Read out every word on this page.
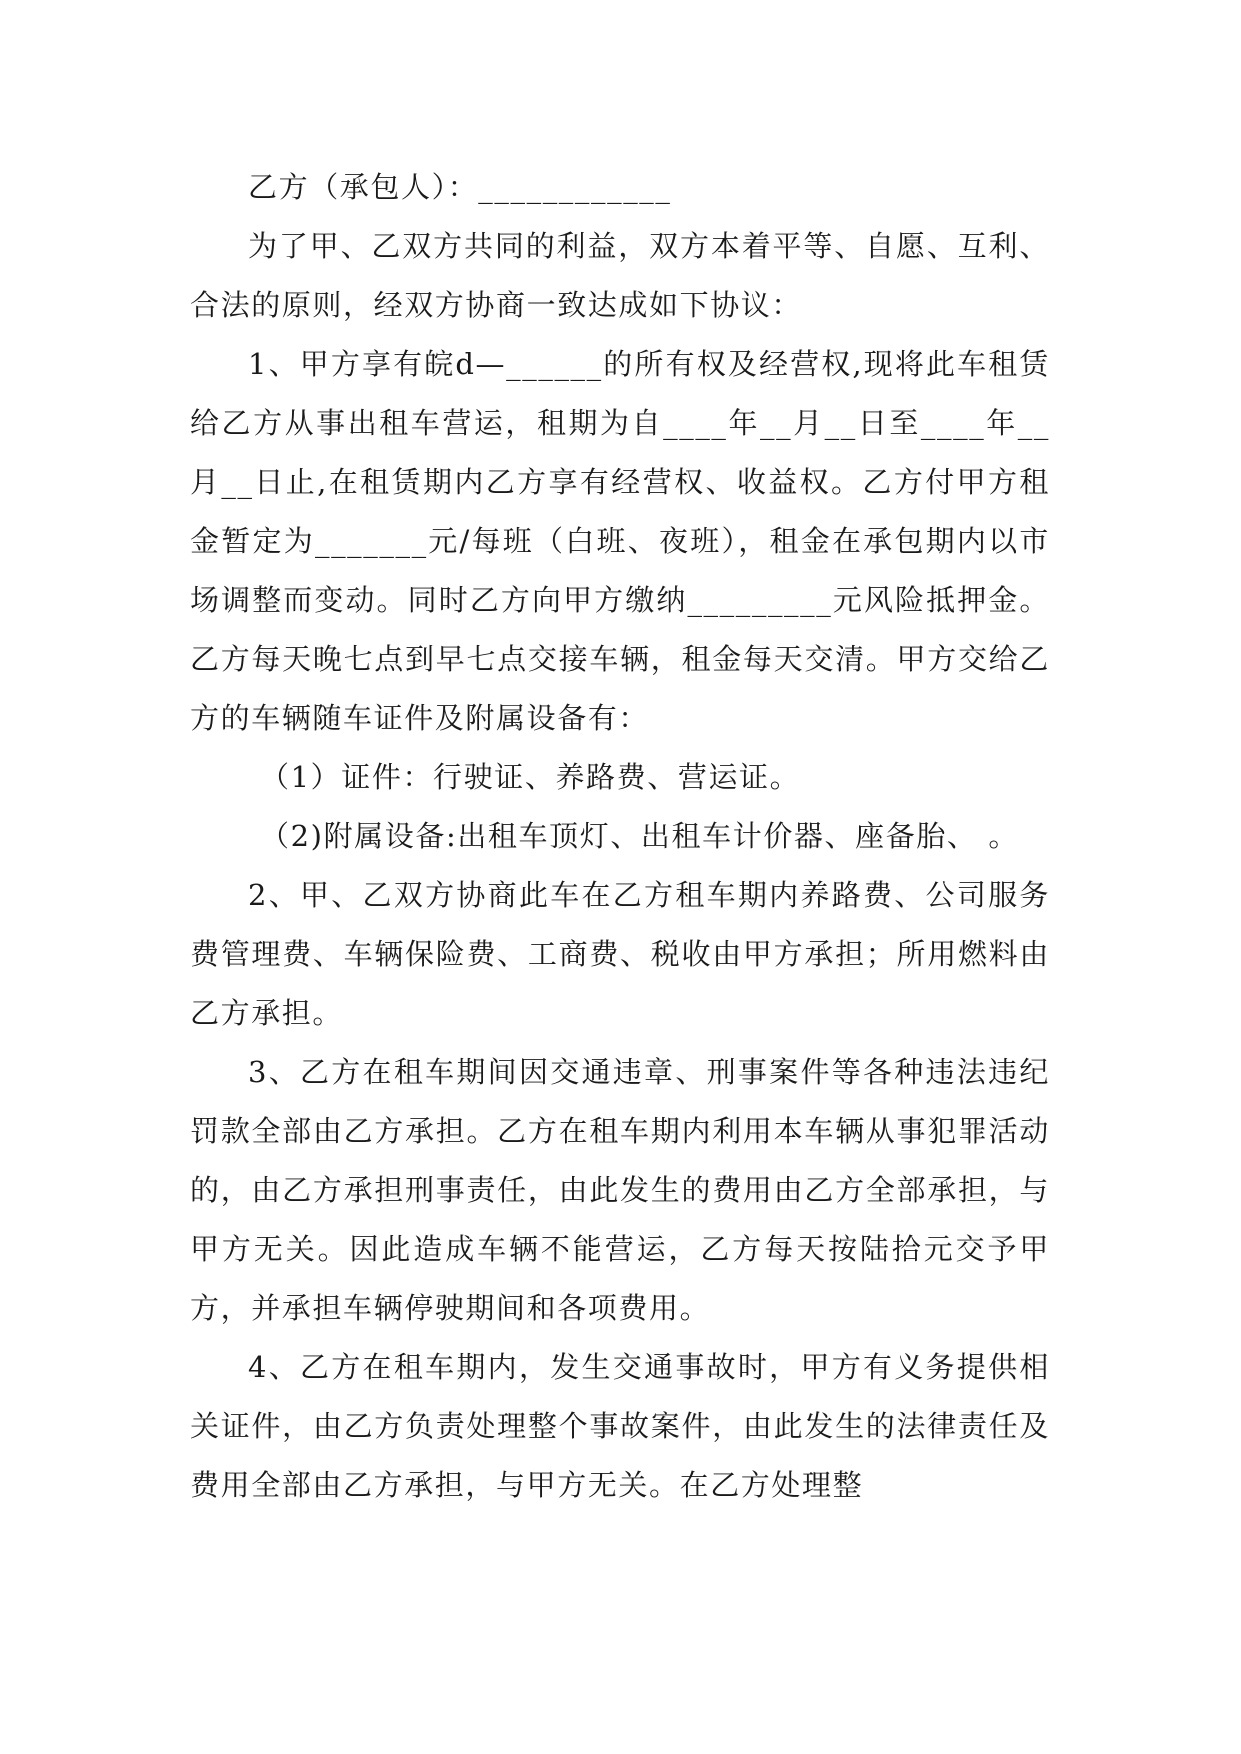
乙方（承包人）：____________

为了甲、乙双方共同的利益，双方本着平等、自愿、互利、合法的原则，经双方协商一致达成如下协议：

1、甲方享有皖d—______的所有权及经营权,现将此车租赁给乙方从事出租车营运，租期为自____年__月__日至____年__月__日止,在租赁期内乙方享有经营权、收益权。乙方付甲方租金暂定为_______元/每班（白班、夜班），租金在承包期内以市场调整而变动。同时乙方向甲方缴纳_________元风险抵押金。乙方每天晚七点到早七点交接车辆，租金每天交清。甲方交给乙方的车辆随车证件及附属设备有：

（1）证件：行驶证、养路费、营运证。

（2)附属设备:出租车顶灯、出租车计价器、座备胎、 。

2、甲、乙双方协商此车在乙方租车期内养路费、公司服务费管理费、车辆保险费、工商费、税收由甲方承担；所用燃料由乙方承担。

3、乙方在租车期间因交通违章、刑事案件等各种违法违纪罚款全部由乙方承担。乙方在租车期内利用本车辆从事犯罪活动的，由乙方承担刑事责任，由此发生的费用由乙方全部承担，与甲方无关。因此造成车辆不能营运，乙方每天按陆拾元交予甲方，并承担车辆停驶期间和各项费用。

4、乙方在租车期内，发生交通事故时，甲方有义务提供相关证件，由乙方负责处理整个事故案件，由此发生的法律责任及费用全部由乙方承担，与甲方无关。在乙方处理整
